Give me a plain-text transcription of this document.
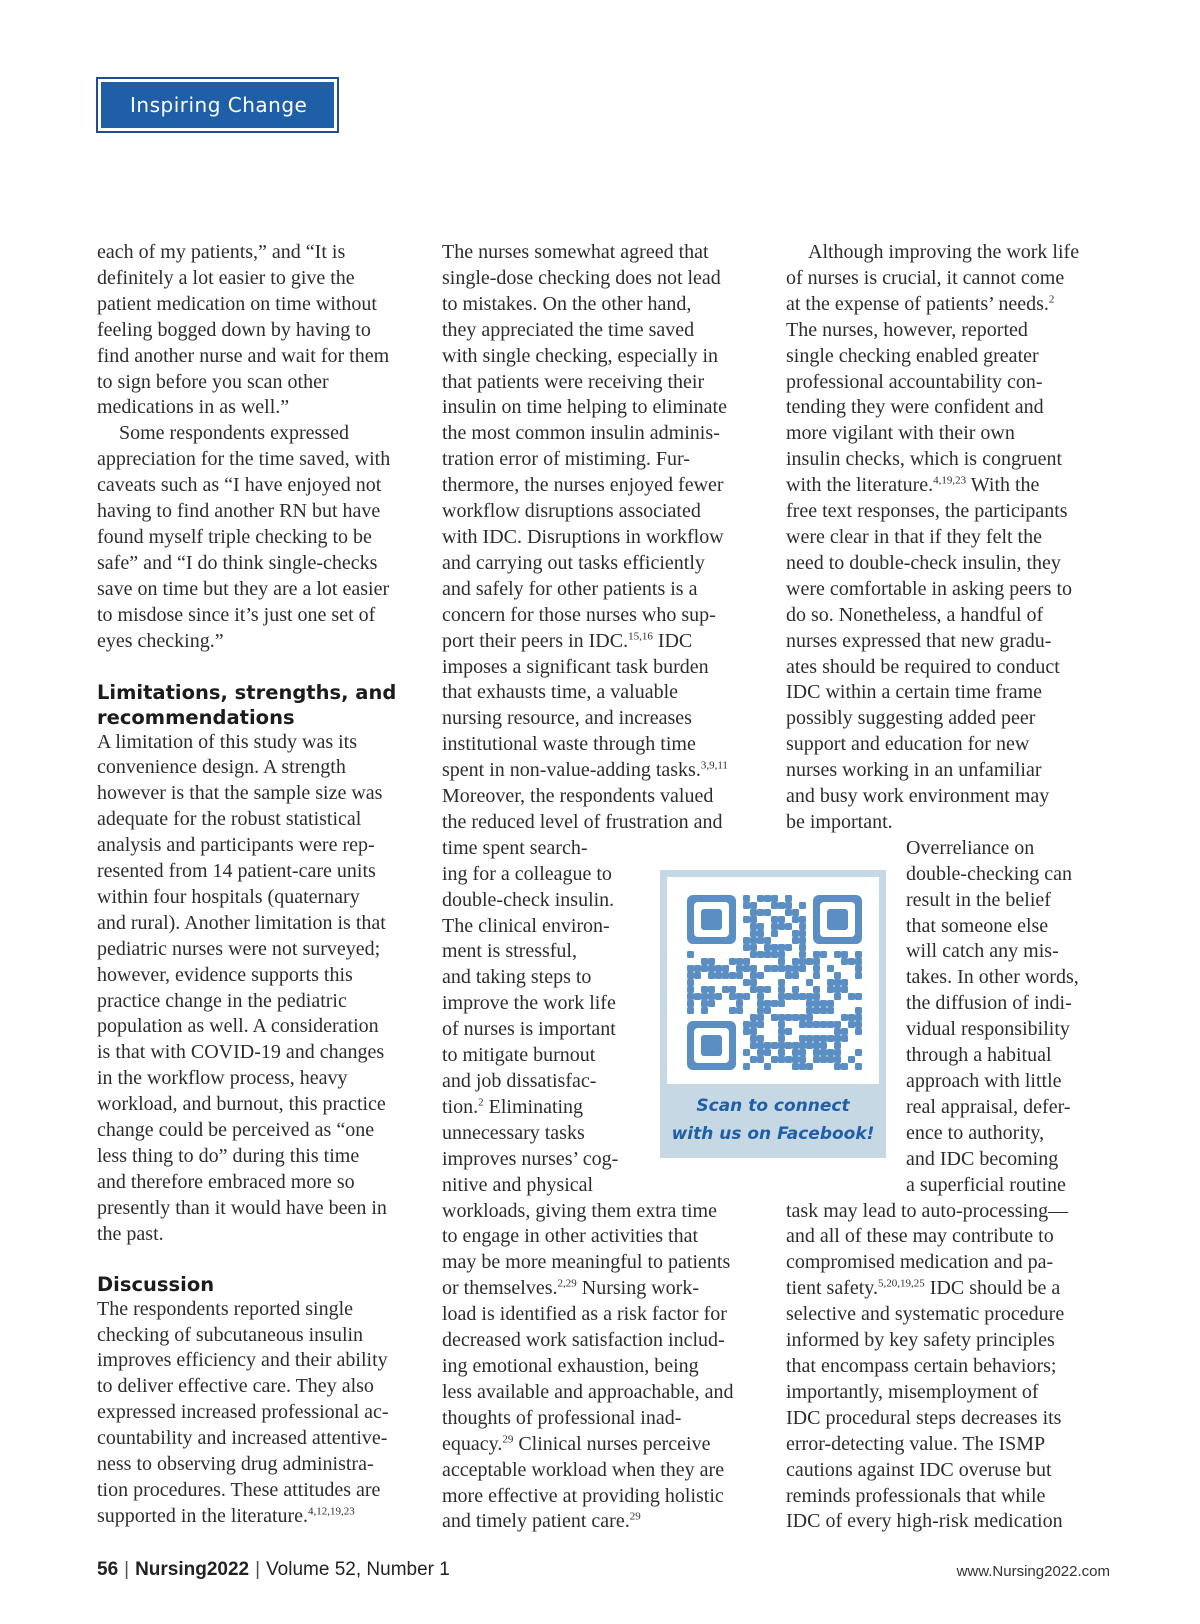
Inspiring Change

each of my patients,” and “It is
definitely a lot easier to give the
patient medication on time without
feeling bogged down by having to
find another nurse and wait for them
to sign before you scan other
medications in as well.”

Some respondents expressed
appreciation for the time saved, with
caveats such as “I have enjoyed not
having to find another RN but have
found myself triple checking to be
safe” and “I do think single-checks
save on time but they are a lot easier
to misdose since it’s just one set of
eyes checking.”

Limitations, strengths, and
recommendations

A limitation of this study was its
convenience design. A strength
however is that the sample size was
adequate for the robust statistical
analysis and participants were rep-
resented from 14 patient-care units
within four hospitals (quaternary
and rural). Another limitation is that
pediatric nurses were not surveyed;
however, evidence supports this
practice change in the pediatric
population as well. A consideration
is that with COVID-19 and changes
in the workflow process, heavy
workload, and burnout, this practice
change could be perceived as “one
less thing to do” during this time
and therefore embraced more so
presently than it would have been in
the past.

Discussion

The respondents reported single
checking of subcutaneous insulin
improves efficiency and their ability
to deliver effective care. They also
expressed increased professional ac-
countability and increased attentive-
ness to observing drug administra-
tion procedures. These attitudes are
supported in the literature.$^{4,12,19,23}$

The nurses somewhat agreed that
single-dose checking does not lead
to mistakes. On the other hand,
they appreciated the time saved
with single checking, especially in
that patients were receiving their
insulin on time helping to eliminate
the most common insulin adminis-
tration error of mistiming. Fur-
thermore, the nurses enjoyed fewer
workflow disruptions associated
with IDC. Disruptions in workflow
and carrying out tasks efficiently
and safely for other patients is a
concern for those nurses who sup-
port their peers in IDC.$^{15,16}$ IDC
imposes a significant task burden
that exhausts time, a valuable
nursing resource, and increases
institutional waste through time
spent in non-value-adding tasks.$^{3,9,11}$
Moreover, the respondents valued
the reduced level of frustration and
time spent search-
ing for a colleague to
double-check insulin.
The clinical environ-
ment is stressful,
and taking steps to
improve the work life
of nurses is important
to mitigate burnout
and job dissatisfac-
tion.$^2$ Eliminating
unnecessary tasks
improves nurses’ cog-
nitive and physical
workloads, giving them extra time
to engage in other activities that
may be more meaningful to patients
or themselves.$^{2,29}$ Nursing work-
load is identified as a risk factor for
decreased work satisfaction includ-
ing emotional exhaustion, being
less available and approachable, and
thoughts of professional inad-
equacy.$^{29}$ Clinical nurses perceive
acceptable workload when they are
more effective at providing holistic
and timely patient care.$^{29}$

Although improving the work life
of nurses is crucial, it cannot come
at the expense of patients’ needs.$^2$
The nurses, however, reported
single checking enabled greater
professional accountability con-
tending they were confident and
more vigilant with their own
insulin checks, which is congruent
with the literature.$^{4,19,23}$ With the
free text responses, the participants
were clear in that if they felt the
need to double-check insulin, they
were comfortable in asking peers to
do so. Nonetheless, a handful of
nurses expressed that new gradu-
ates should be required to conduct
IDC within a certain time frame
possibly suggesting added peer
support and education for new
nurses working in an unfamiliar
and busy work environment may
be important.

Overreliance on
double-checking can
result in the belief
that someone else
will catch any mis-
takes. In other words,
the diffusion of indi-
vidual responsibility
through a habitual
approach with little
real appraisal, defer-
ence to authority,
and IDC becoming
a superficial routine

task may lead to auto-processing—
and all of these may contribute to
compromised medication and pa-
tient safety.$^{5,20,19,25}$ IDC should be a
selective and systematic procedure
informed by key safety principles
that encompass certain behaviors;
importantly, misemployment of
IDC procedural steps decreases its
error-detecting value. The ISMP
cautions against IDC overuse but
reminds professionals that while
IDC of every high-risk medication

Scan to connect
with us on Facebook!
56 | Nursing2022 | Volume 52, Number 1	www.Nursing2022.com
